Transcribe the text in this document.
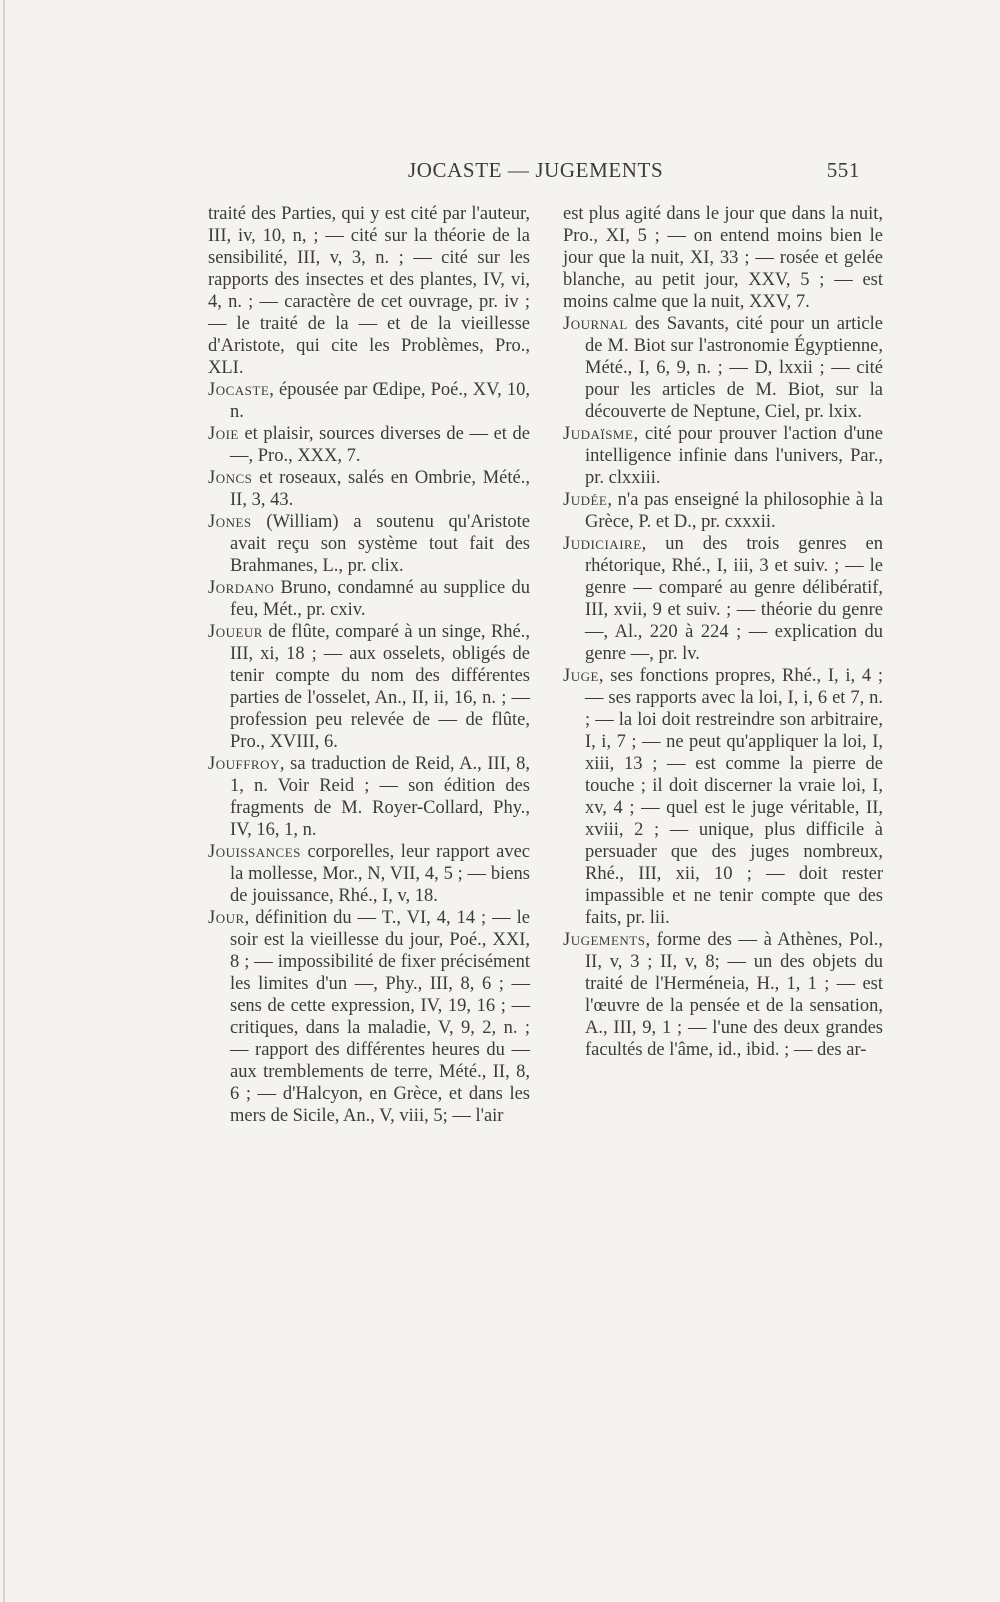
JOCASTE — JUGEMENTS	551

traité des Parties, qui y est cité par l'auteur, III, iv, 10, n, ; — cité sur la théorie de la sensibilité, III, v, 3, n. ; — cité sur les rapports des insectes et des plantes, IV, vi, 4, n. ; — caractère de cet ouvrage, pr. iv ; — le traité de la — et de la vieillesse d'Aristote, qui cite les Problèmes, Pro., XLI.

Jocaste, épousée par Œdipe, Poé., XV, 10, n.

Joie et plaisir, sources diverses de — et de —, Pro., XXX, 7.

Joncs et roseaux, salés en Ombrie, Mété., II, 3, 43.

Jones (William) a soutenu qu'Aristote avait reçu son système tout fait des Brahmanes, L., pr. clix.

Jordano Bruno, condamné au supplice du feu, Mét., pr. cxiv.

Joueur de flûte, comparé à un singe, Rhé., III, xi, 18 ; — aux osselets, obligés de tenir compte du nom des différentes parties de l'osselet, An., II, ii, 16, n. ; — profession peu relevée de — de flûte, Pro., XVIII, 6.

Jouffroy, sa traduction de Reid, A., III, 8, 1, n. Voir Reid ; — son édition des fragments de M. Royer-Collard, Phy., IV, 16, 1, n.

Jouissances corporelles, leur rapport avec la mollesse, Mor., N, VII, 4, 5 ; — biens de jouissance, Rhé., I, v, 18.

Jour, définition du — T., VI, 4, 14 ; — le soir est la vieillesse du jour, Poé., XXI, 8 ; — impossibilité de fixer précisément les limites d'un —, Phy., III, 8, 6 ; — sens de cette expression, IV, 19, 16 ; — critiques, dans la maladie, V, 9, 2, n. ; — rapport des différentes heures du — aux tremblements de terre, Mété., II, 8, 6 ; — d'Halcyon, en Grèce, et dans les mers de Sicile, An., V, viii, 5; — l'air

est plus agité dans le jour que dans la nuit, Pro., XI, 5 ; — on entend moins bien le jour que la nuit, XI, 33 ; — rosée et gelée blanche, au petit jour, XXV, 5 ; — est moins calme que la nuit, XXV, 7.

Journal des Savants, cité pour un article de M. Biot sur l'astronomie Égyptienne, Mété., I, 6, 9, n. ; — D, lxxii ; — cité pour les articles de M. Biot, sur la découverte de Neptune, Ciel, pr. lxix.

Judaïsme, cité pour prouver l'action d'une intelligence infinie dans l'univers, Par., pr. clxxiii.

Judée, n'a pas enseigné la philosophie à la Grèce, P. et D., pr. cxxxii.

Judiciaire, un des trois genres en rhétorique, Rhé., I, iii, 3 et suiv. ; — le genre — comparé au genre délibératif, III, xvii, 9 et suiv. ; — théorie du genre —, Al., 220 à 224 ; — explication du genre —, pr. lv.

Juge, ses fonctions propres, Rhé., I, i, 4 ; — ses rapports avec la loi, I, i, 6 et 7, n. ; — la loi doit restreindre son arbitraire, I, i, 7 ; — ne peut qu'appliquer la loi, I, xiii, 13 ; — est comme la pierre de touche ; il doit discerner la vraie loi, I, xv, 4 ; — quel est le juge véritable, II, xviii, 2 ; — unique, plus difficile à persuader que des juges nombreux, Rhé., III, xii, 10 ; — doit rester impassible et ne tenir compte que des faits, pr. lii.

Jugements, forme des — à Athènes, Pol., II, v, 3 ; II, v, 8; — un des objets du traité de l'Herméneia, H., 1, 1 ; — est l'œuvre de la pensée et de la sensation, A., III, 9, 1 ; — l'une des deux grandes facultés de l'âme, id., ibid. ; — des ar-
